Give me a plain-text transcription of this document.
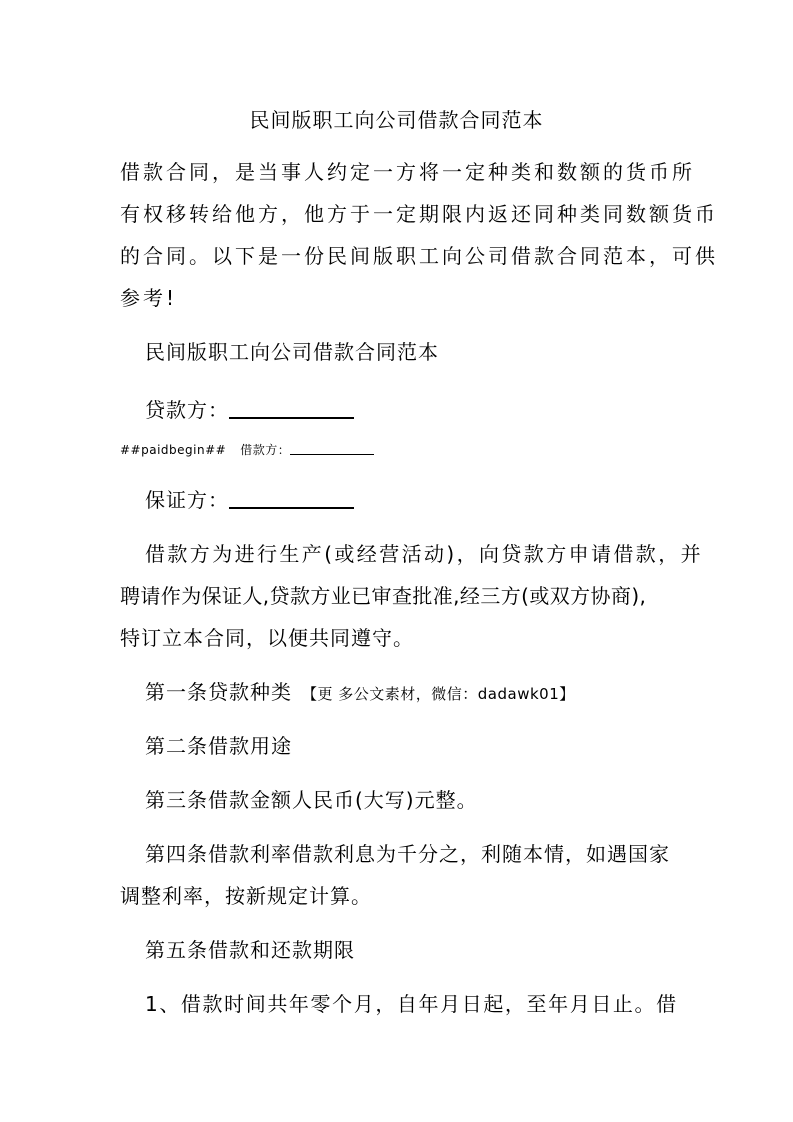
民间版职工向公司借款合同范本
借款合同，是当事人约定一方将一定种类和数额的货币所
有权移转给他方，他方于一定期限内返还同种类同数额货币
的合同。以下是一份民间版职工向公司借款合同范本，可供
参考!
民间版职工向公司借款合同范本
贷款方：
##paidbegin## 借款方：
保证方：
借款方为进行生产(或经营活动)，向贷款方申请借款，并
聘请作为保证人,贷款方业已审查批准,经三方(或双方协商),
特订立本合同，以便共同遵守。
第一条贷款种类 【更 多公文素材，微信：dadawk01】
第二条借款用途
第三条借款金额人民币(大写)元整。
第四条借款利率借款利息为千分之，利随本情，如遇国家
调整利率，按新规定计算。
第五条借款和还款期限
1、借款时间共年零个月，自年月日起，至年月日止。借
